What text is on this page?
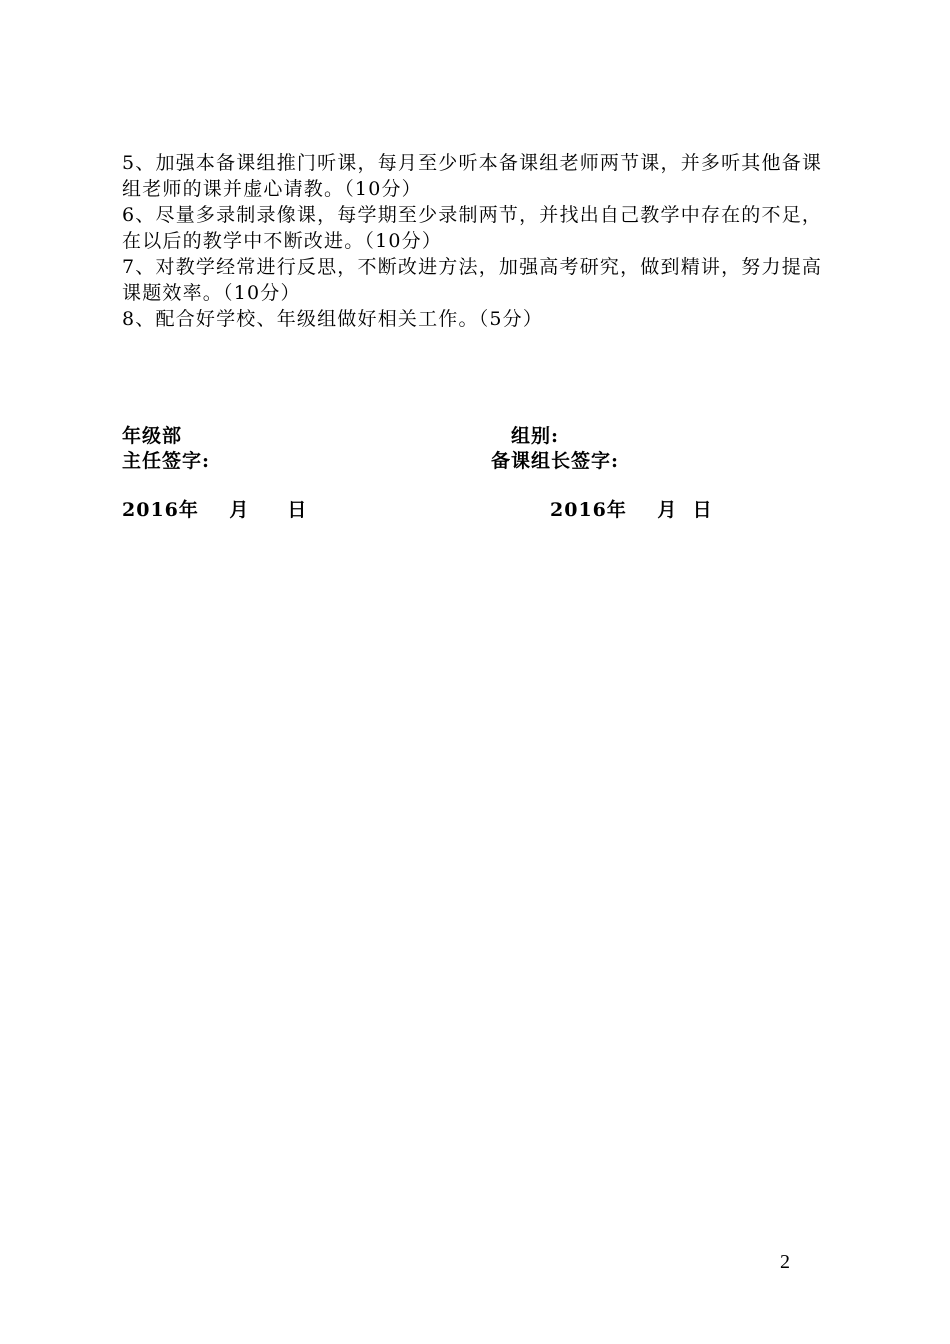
5、加强本备课组推门听课，每月至少听本备课组老师两节课，并多听其他备课组老师的课并虚心请教。（10分）

6、尽量多录制录像课，每学期至少录制两节，并找出自己教学中存在的不足，在以后的教学中不断改进。（10分）

7、对教学经常进行反思，不断改进方法，加强高考研究，做到精讲，努力提高课题效率。（10分）

8、配合好学校、年级组做好相关工作。（5分）

年级部

主任签字:

组别:

备课组长签字:

2016年    月     日	2016年    月  日

2
